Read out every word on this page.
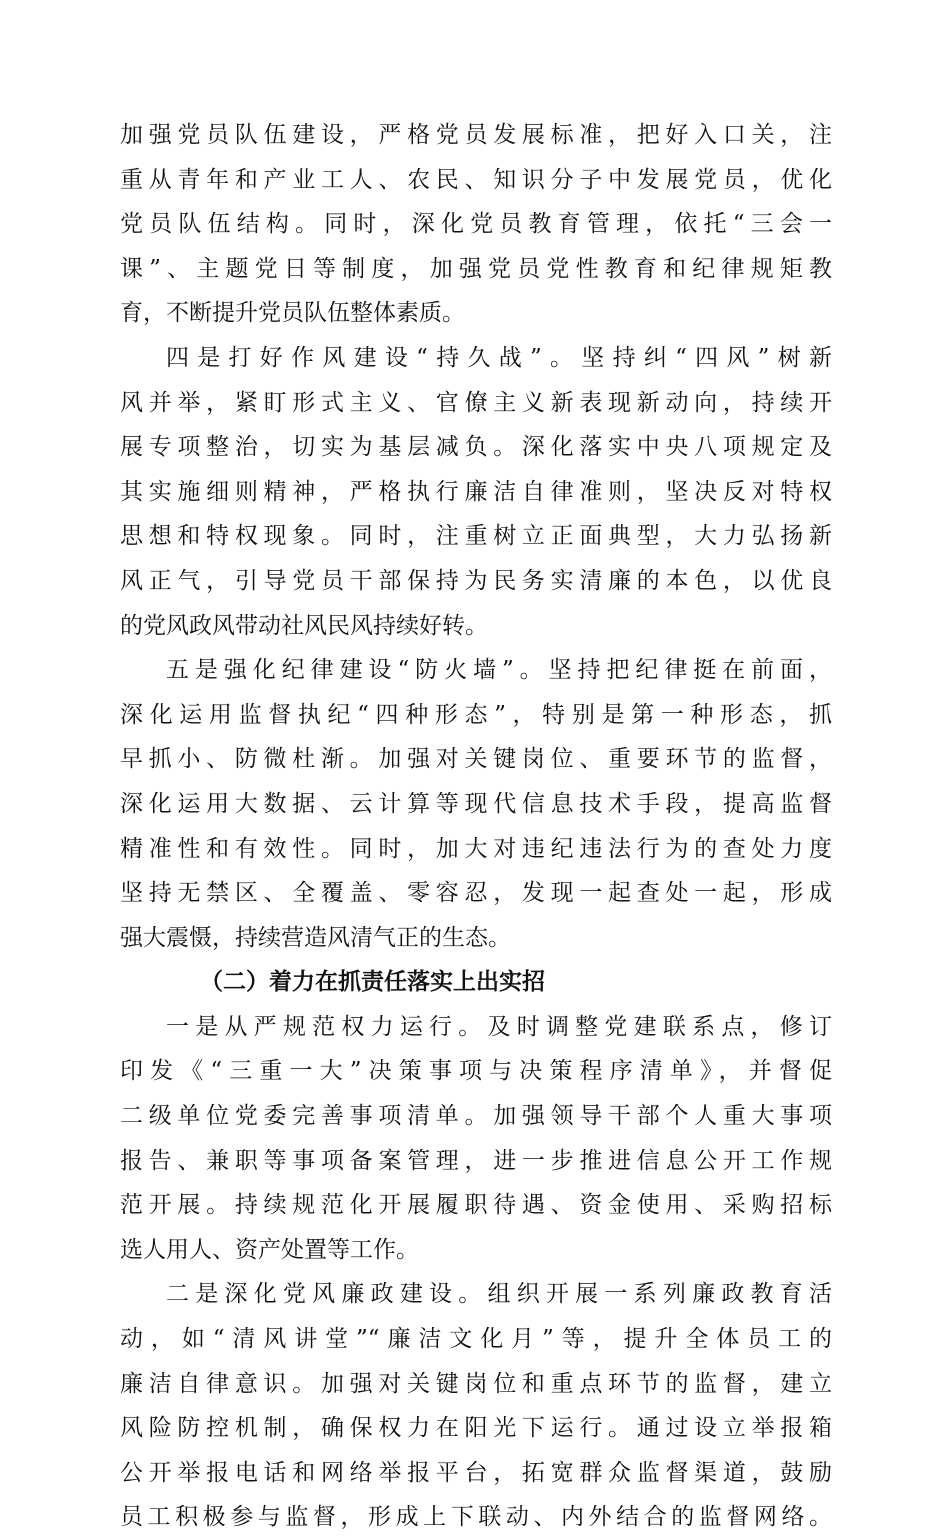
加强党员队伍建设，严格党员发展标准，把好入口关，注
重从青年和产业工人、农民、知识分子中发展党员，优化
党员队伍结构。同时，深化党员教育管理，依托“三会一
课”、主题党日等制度，加强党员党性教育和纪律规矩教
育，不断提升党员队伍整体素质。
四是打好作风建设“持久战”。坚持纠“四风”树新
风并举，紧盯形式主义、官僚主义新表现新动向，持续开
展专项整治，切实为基层减负。深化落实中央八项规定及
其实施细则精神，严格执行廉洁自律准则，坚决反对特权
思想和特权现象。同时，注重树立正面典型，大力弘扬新
风正气，引导党员干部保持为民务实清廉的本色，以优良
的党风政风带动社风民风持续好转。
五是强化纪律建设“防火墙”。坚持把纪律挺在前面，
深化运用监督执纪“四种形态”，特别是第一种形态，抓
早抓小、防微杜渐。加强对关键岗位、重要环节的监督，
深化运用大数据、云计算等现代信息技术手段，提高监督
精准性和有效性。同时，加大对违纪违法行为的查处力度
坚持无禁区、全覆盖、零容忍，发现一起查处一起，形成
强大震慑，持续营造风清气正的生态。
（二）着力在抓责任落实上出实招
一是从严规范权力运行。及时调整党建联系点，修订
印发《“三重一大”决策事项与决策程序清单》，并督促
二级单位党委完善事项清单。加强领导干部个人重大事项
报告、兼职等事项备案管理，进一步推进信息公开工作规
范开展。持续规范化开展履职待遇、资金使用、采购招标
选人用人、资产处置等工作。
二是深化党风廉政建设。组织开展一系列廉政教育活
动，如“清风讲堂”“廉洁文化月”等，提升全体员工的
廉洁自律意识。加强对关键岗位和重点环节的监督，建立
风险防控机制，确保权力在阳光下运行。通过设立举报箱
公开举报电话和网络举报平台，拓宽群众监督渠道，鼓励
员工积极参与监督，形成上下联动、内外结合的监督网络。
